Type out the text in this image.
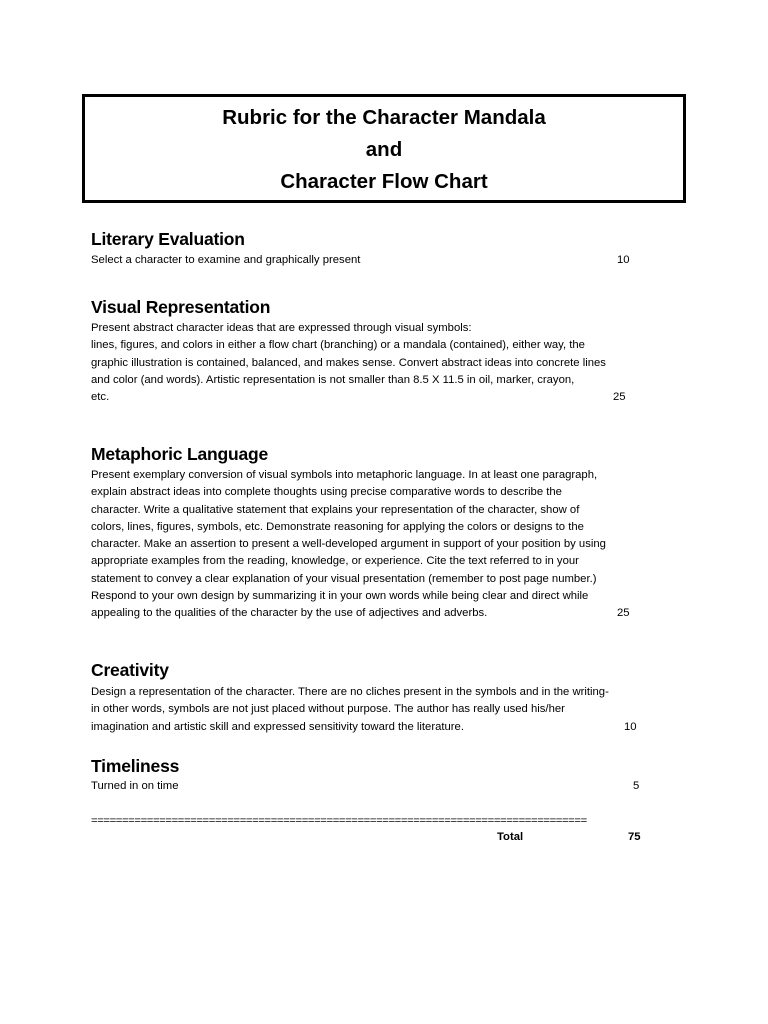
Rubric for the Character Mandala
and
Character Flow Chart
Literary Evaluation
Select a character to examine and graphically present	10
Visual Representation
Present abstract character ideas that are expressed through visual symbols:
lines, figures, and colors in either a flow chart (branching) or a mandala (contained), either way, the
graphic illustration is contained, balanced, and makes sense. Convert abstract ideas into concrete lines
and color (and words). Artistic representation is not smaller than 8.5 X 11.5 in oil, marker, crayon,
etc.	25
Metaphoric Language
Present exemplary conversion of visual symbols into metaphoric language. In at least one paragraph,
explain abstract ideas into complete thoughts using precise comparative words to describe the
character. Write a qualitative statement that explains your representation of the character, show of
colors, lines, figures, symbols, etc. Demonstrate reasoning for applying the colors or designs to the
character. Make an assertion to present a well-developed argument in support of your position by using
appropriate examples from the reading, knowledge, or experience. Cite the text referred to in your
statement to convey a clear explanation of your visual presentation (remember to post page number.)
Respond to your own design by summarizing it in your own words while being clear and direct while
appealing to the qualities of the character by the use of adjectives and adverbs.	25
Creativity
Design a representation of the character. There are no cliches present in the symbols and in the writing-
in other words, symbols are not just placed without purpose. The author has really used his/her
imagination and artistic skill and expressed sensitivity toward the literature.	10
Timeliness
Turned in on time	5
================================================================================
Total	75
